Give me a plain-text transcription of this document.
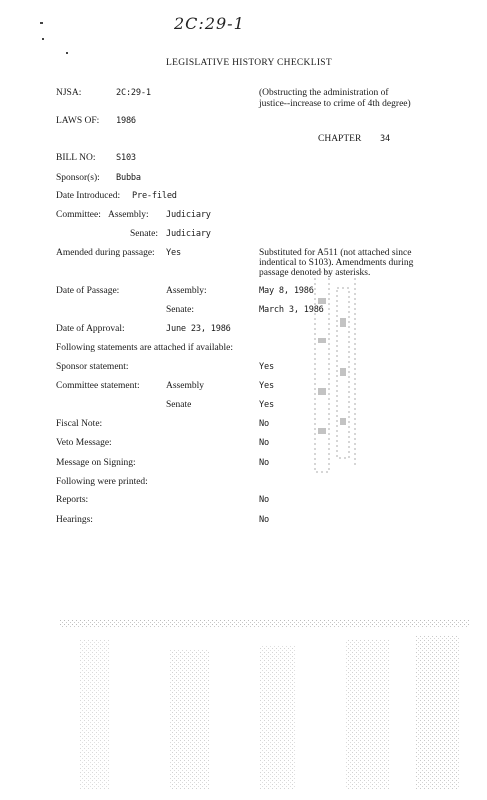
2C:29-1
LEGISLATIVE HISTORY CHECKLIST
NJSA:	2C:29-1	(Obstructing the administration of
justice--increase to crime of 4th degree)
LAWS OF: 1986
CHAPTER 34
BILL NO: S103
Sponsor(s): Bubba
Date Introduced: Pre-filed
Committee: Assembly: Judiciary
Senate: Judiciary
Amended during passage: Yes	Substituted for A511 (not attached since
indentical to S103). Amendments during
passage denoted by asterisks.
Date of Passage:	Assembly:	May 8, 1986
Senate:	March 3, 1986
Date of Approval:	June 23, 1986
Following statements are attached if available:
Sponsor statement:	Yes
Committee statement:	Assembly	Yes
Senate	Yes
Fiscal Note:	No
Veto Message:	No
Message on Signing:	No
Following were printed:
Reports:	No
Hearings:	No
